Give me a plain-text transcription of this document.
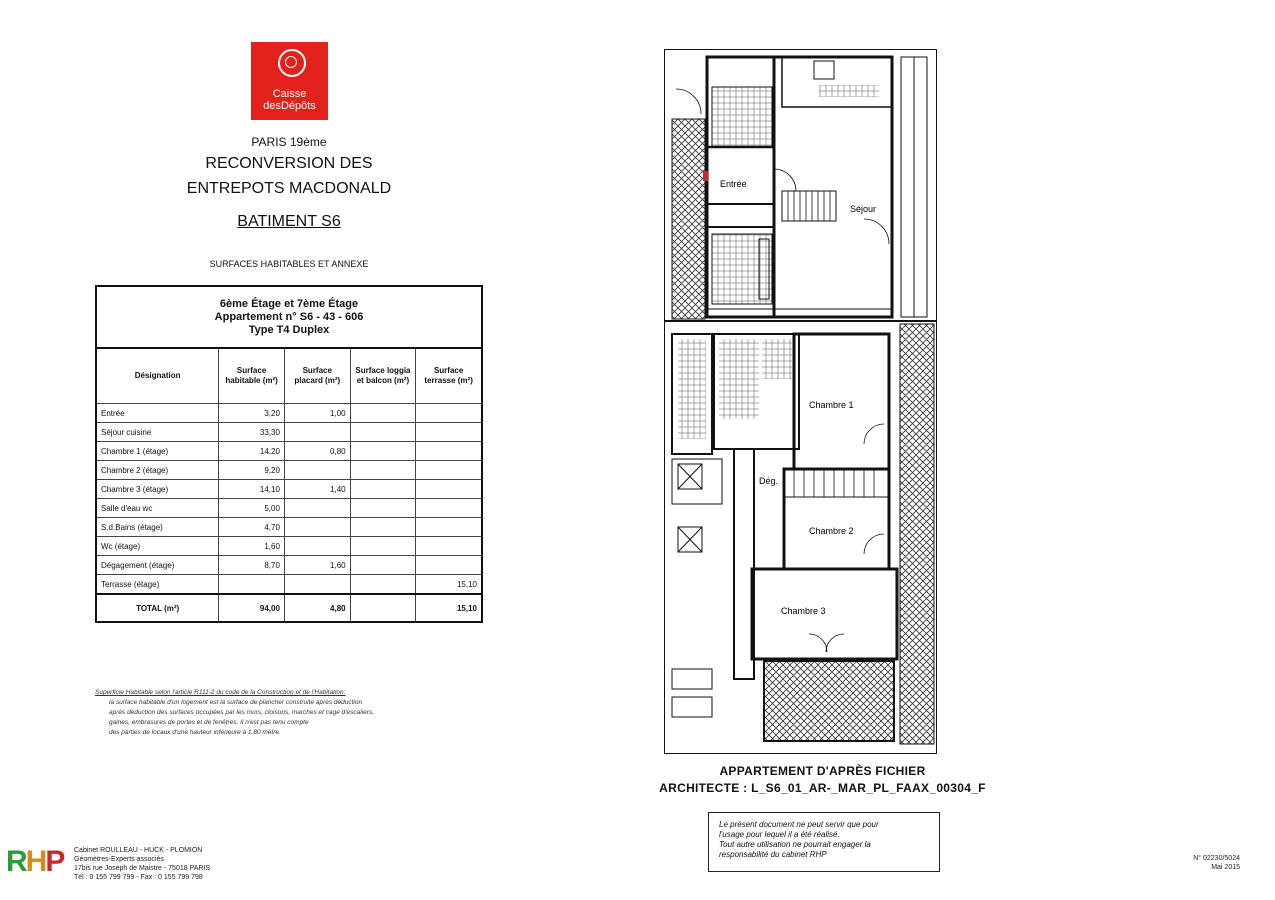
Caisse
desDépôts
PARIS 19ème
RECONVERSION DES
ENTREPOTS MACDONALD
BATIMENT S6
SURFACES HABITABLES ET ANNEXE
6ème Étage et 7ème Étage
Appartement n° S6 - 43 - 606
Type T4 Duplex				

Désignation	Surface habitable (m²)	Surface placard (m²)	Surface loggia et balcon (m²)	Surface terrasse (m²)
Entrée	3,20	1,00		
Séjour cuisine	33,30			
Chambre 1 (étage)	14,20	0,80		
Chambre 2 (étage)	9,20			
Chambre 3 (étage)	14,10	1,40		
Salle d'eau wc	5,00			
S.d.Bains (étage)	4,70			
Wc (étage)	1,60			
Dégagement (étage)	8,70	1,60		
Terrasse (étage)				15,10
TOTAL (m²)	94,00	4,80		15,10
Superficie Habitable selon l'article R111-2 du code de la Construction et de l'Habitation:
la surface habitable d'un logement est la surface de plancher construite après déduction
après déduction des surfaces occupées par les murs, cloisons, marches et cage d'escaliers,
gaines, embrasures de portes et de fenêtres. Il n'est pas tenu compte
des parties de locaux d'une hauteur inférieure à 1.80 mètre.
Entrée
Séjour
Chambre 1
Dég.
Chambre 2
Chambre 3
APPARTEMENT D'APRÈS FICHIER
ARCHITECTE : L_S6_01_AR-_MAR_PL_FAAX_00304_F
Le présent document ne peut servir que pour
l'usage pour lequel il a été réalisé.
Tout autre utilisation ne pourrait engager la
responsabilité du cabinet RHP
RHP Cabinet ROULLEAU - HUCK - PLOMION
Géomètres-Experts associés
17bis rue Joseph de Maistre - 75018 PARIS
Tél : 0 155 799 799 - Fax : 0 155 799 798
N° 02230/5024
Mai 2015
